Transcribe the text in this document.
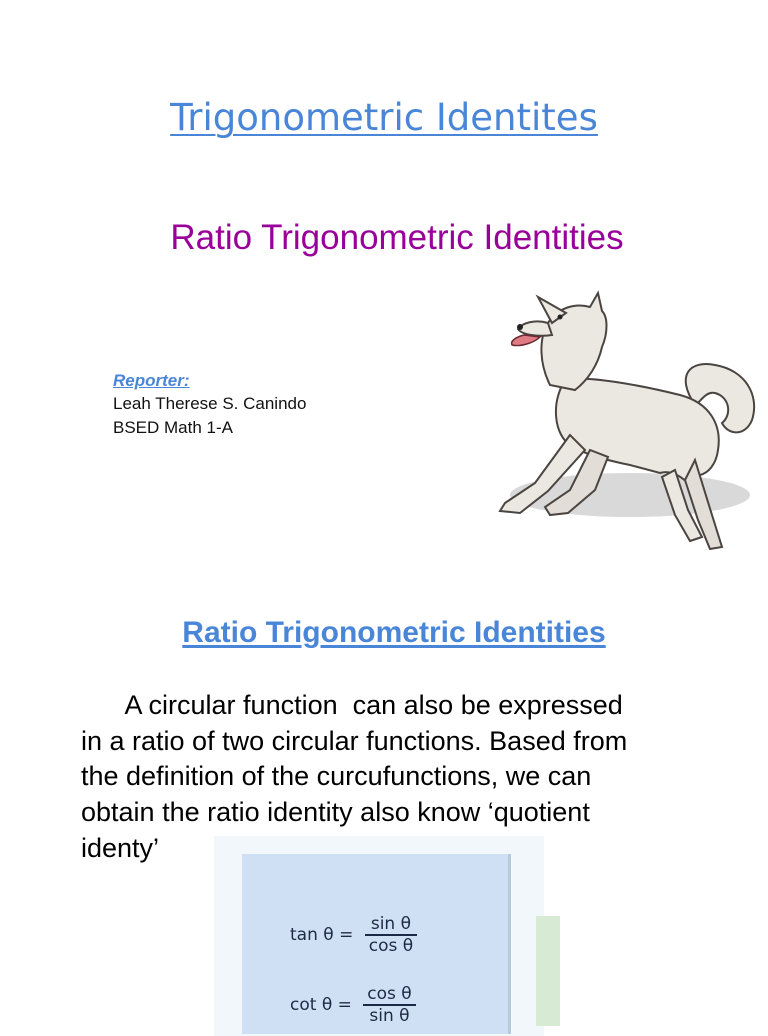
Trigonometric Identites
Ratio Trigonometric Identities
Reporter:
Leah Therese S. Canindo
BSED Math 1-A
Ratio Trigonometric Identities
A circular function  can also be expressed
in a ratio of two circular functions. Based from
the definition of the curcufunctions, we can
obtain the ratio identity also know ‘quotient
identy’
$\tan \theta = \frac{\text{sin θ}}{\text{cos θ}}$
$\cot \theta = \frac{\text{cos θ}}{\text{sin θ}}$
